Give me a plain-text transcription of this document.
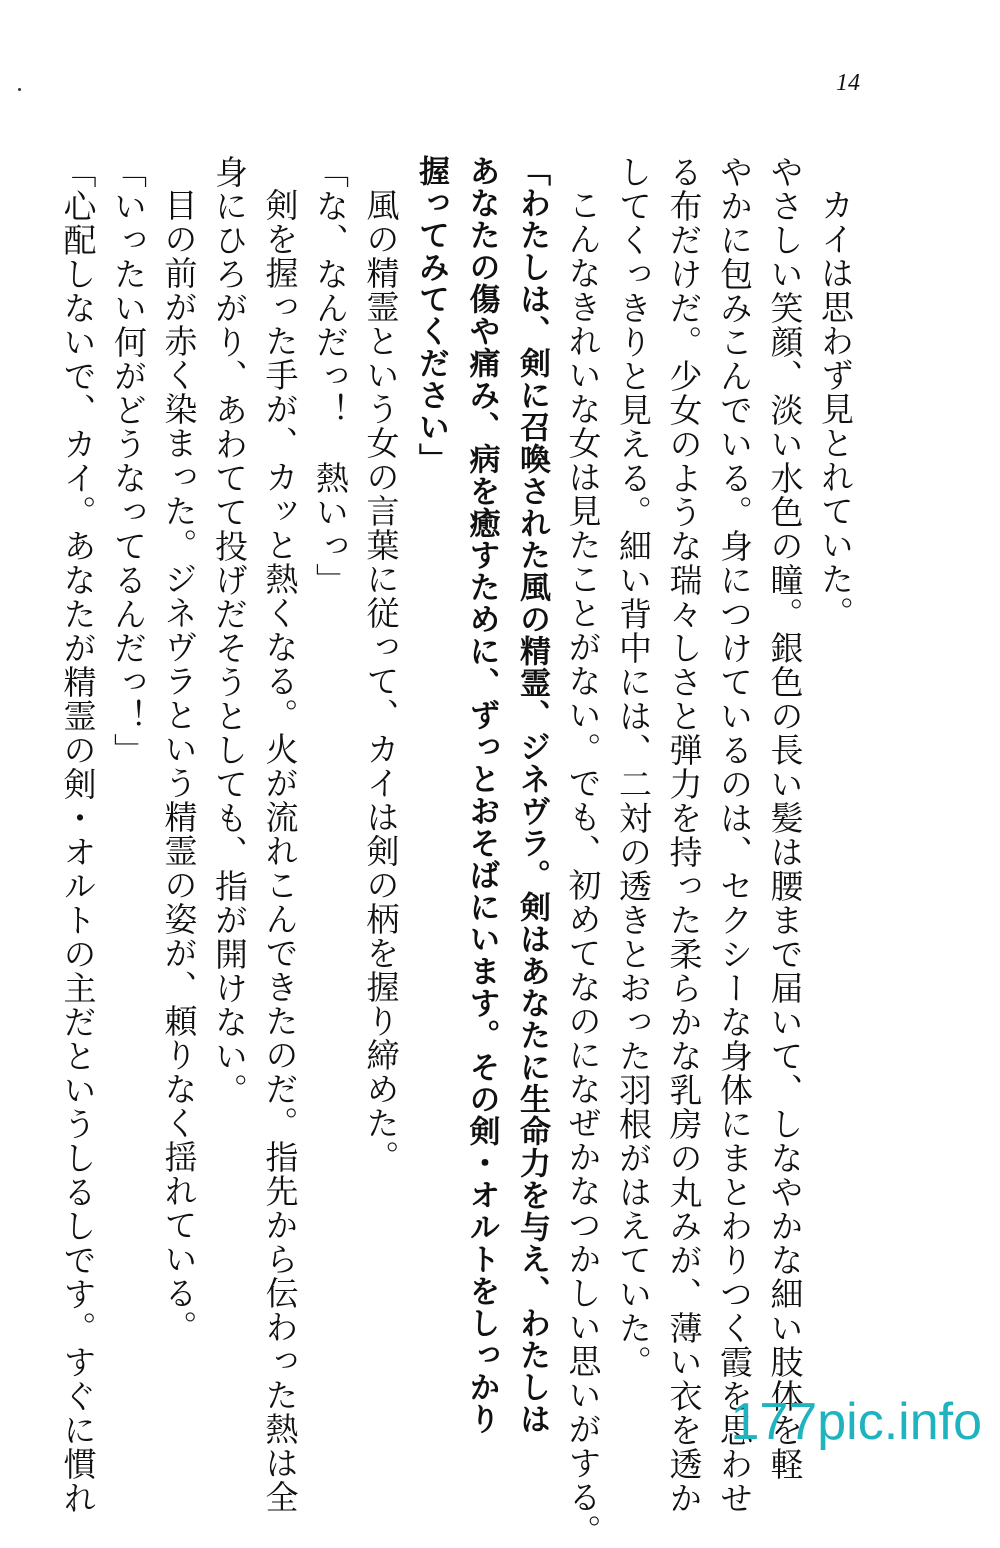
14
カイは思わず見とれていた。
やさしい笑顔、淡い水色の瞳。銀色の長い髪は腰まで届いて、しなやかな細い肢体を軽
やかに包みこんでいる。身につけているのは、セクシーな身体にまとわりつく霞を思わせ
る布だけだ。少女のような瑞々しさと弾力を持った柔らかな乳房の丸みが、薄い衣を透か
してくっきりと見える。細い背中には、二対の透きとおった羽根がはえていた。
こんなきれいな女は見たことがない。でも、初めてなのになぜかなつかしい思いがする。
「わたしは、剣に召喚された風の精霊、ジネヴラ。剣はあなたに生命力を与え、わたしは
あなたの傷や痛み、病を癒すために、ずっとおそばにいます。その剣・オルトをしっかり
握ってみてください」
風の精霊という女の言葉に従って、カイは剣の柄を握り締めた。
「な、なんだっ！　熱いっ」
剣を握った手が、カッと熱くなる。火が流れこんできたのだ。指先から伝わった熱は全
身にひろがり、あわてて投げだそうとしても、指が開けない。
目の前が赤く染まった。ジネヴラという精霊の姿が、頼りなく揺れている。
「いったい何がどうなってるんだっ！」
「心配しないで、カイ。あなたが精霊の剣・オルトの主だというしるしです。すぐに慣れ	177pic.info
